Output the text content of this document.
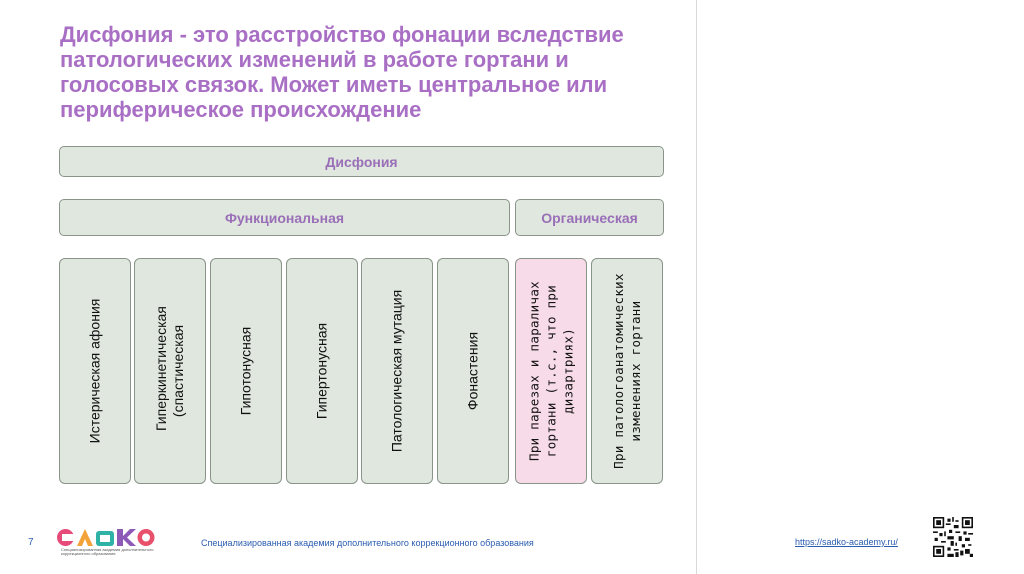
Дисфония - это расстройство фонации вследствие патологических изменений в работе гортани и голосовых связок. Может иметь центральное или периферическое происхождение
Дисфония
Функциональная	Органическая
Истерическая афония	Гиперкинетическая (спастическая	Гипотонусная	Гипертонусная	Патологическая мутация	Фонастения	При парезах и параличах гортани (т.с., что при дизартриях)	При патологоанатомических изменениях гортани
7
Специализированная академия дополнительного коррекционного образования
Специализированная академия дополнительного коррекционного образования	https://sadko-academy.ru/
